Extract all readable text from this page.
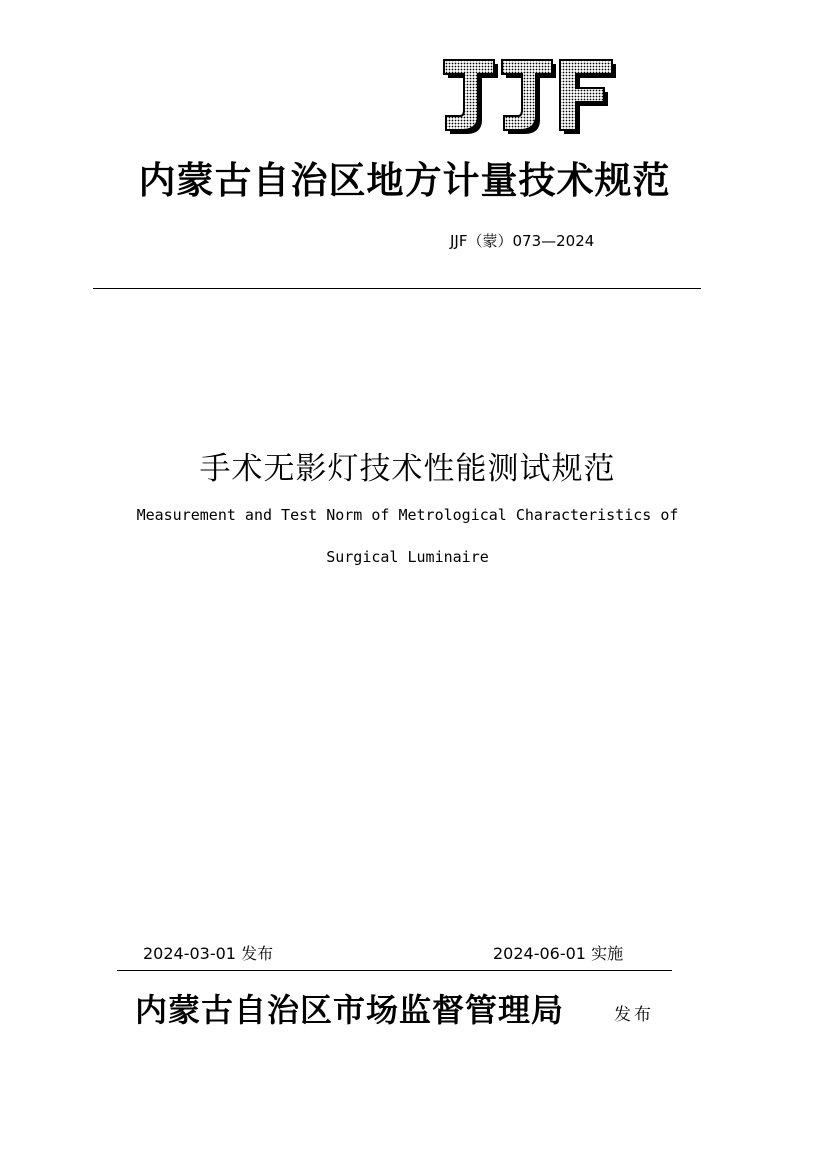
内蒙古自治区地方计量技术规范
JJF（蒙）073—2024
手术无影灯技术性能测试规范
Measurement and Test Norm of Metrological Characteristics of
Surgical Luminaire
2024-03-01 发布	2024-06-01 实施
内蒙古自治区市场监督管理局	发布
